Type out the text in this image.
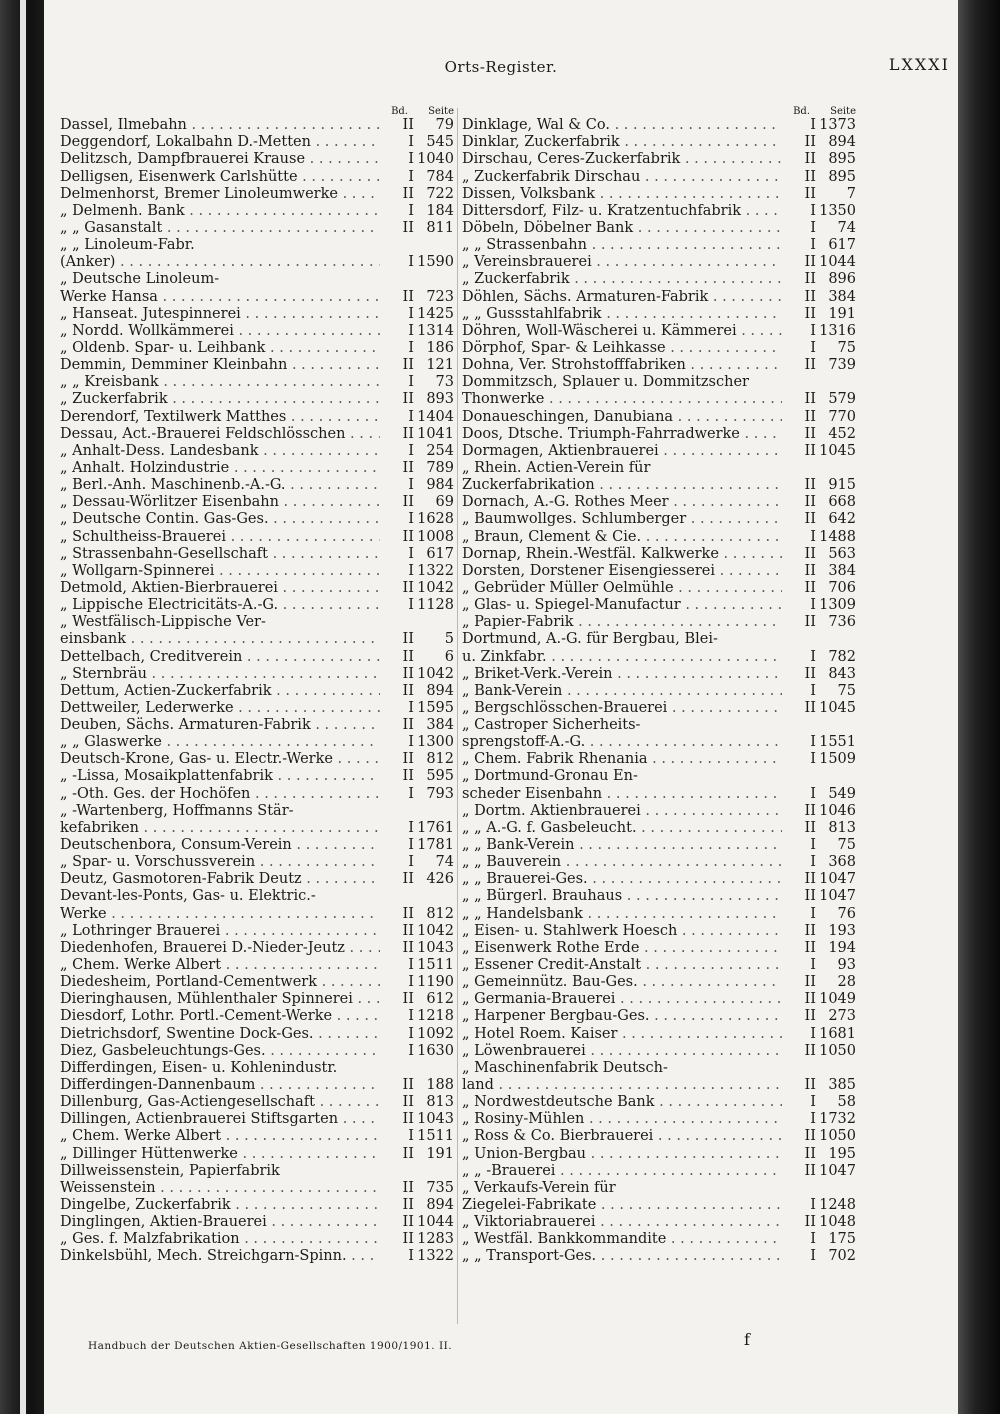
Orts-Register.	LXXXI
Bd. Seite
Dassel, Ilmebahn . . .	II	79
Deggendorf, Lokalbahn D.-Metten . . .	I 545
Delitzsch, Dampfbrauerei Krause . . .	I 1040
Delligsen, Eisenwerk Carlshütte . . .	I 784
Delmenhorst, Bremer Linoleumwerke . . .	II 722
„ Delmenh. Bank . . .	I 184
„ „ Gasanstalt . . .	II 811
„ „ Linoleum-Fabr.
(Anker) . . .	I 1590
„ Deutsche Linoleum-
Werke Hansa . . .	II 723
„ Hanseat. Jutespinnerei . . .	I 1425
„ Nordd. Wollkämmerei . . .	I 1314
„ Oldenb. Spar- u. Leihbank . . .	I 186
Demmin, Demminer Kleinbahn . . .	II 121
„ „ Kreisbank . . .	I	73
„ Zuckerfabrik . . .	II 893
Derendorf, Textilwerk Matthes . . .	I 1404
Dessau, Act.-Brauerei Feldschlösschen . . .	II 1041
„ Anhalt-Dess. Landesbank . . .	I 254
„ Anhalt. Holzindustrie . . .	II 789
„ Berl.-Anh. Maschinenb.-A.-G. . . .	I 984
„ Dessau-Wörlitzer Eisenbahn . . .	II	69
„ Deutsche Contin. Gas-Ges. . . .	I 1628
„ Schultheiss-Brauerei . . .	II 1008
„ Strassenbahn-Gesellschaft . . .	I 617
„ Wollgarn-Spinnerei . . .	I 1322
Detmold, Aktien-Bierbrauerei . . .	II 1042
„ Lippische Electricitäts-A.-G. . . .	I 1128
„ Westfälisch-Lippische Ver-
einsbank . . .	II	5
Dettelbach, Creditverein . . .	II	6
„ Sternbräu . . .	II 1042
Dettum, Actien-Zuckerfabrik . . .	II 894
Dettweiler, Lederwerke . . .	I 1595
Deuben, Sächs. Armaturen-Fabrik . . .	II 384
„ „ Glaswerke . . .	I 1300
Deutsch-Krone, Gas- u. Electr.-Werke . . .	II 812
„ -Lissa, Mosaikplattenfabrik . . .	II 595
„ -Oth. Ges. der Hochöfen . . .	I 793
„ -Wartenberg, Hoffmanns Stär-
kefabriken . . .	I 1761
Deutschenbora, Consum-Verein . . .	I 1781
„ Spar- u. Vorschussverein . . .	I	74
Deutz, Gasmotoren-Fabrik Deutz . . .	II 426
Devant-les-Ponts, Gas- u. Elektric.-
Werke . . .	II 812
„ Lothringer Brauerei . . .	II 1042
Diedenhofen, Brauerei D.-Nieder-Jeutz . . .	II 1043
„ Chem. Werke Albert . . .	I 1511
Diedesheim, Portland-Cementwerk . . .	I 1190
Dieringhausen, Mühlenthaler Spinnerei . . .	II 612
Diesdorf, Lothr. Portl.-Cement-Werke . . .	I 1218
Dietrichsdorf, Swentine Dock-Ges. . . .	I 1092
Diez, Gasbeleuchtungs-Ges. . . .	I 1630
Differdingen, Eisen- u. Kohlenindustr.
Differdingen-Dannenbaum . . .	II 188
Dillenburg, Gas-Actiengesellschaft . . .	II 813
Dillingen, Actienbrauerei Stiftsgarten . . .	II 1043
„ Chem. Werke Albert . . .	I 1511
„ Dillinger Hüttenwerke . . .	II 191
Dillweissenstein, Papierfabrik
Weissenstein . . .	II 735
Dingelbe, Zuckerfabrik . . .	II 894
Dinglingen, Aktien-Brauerei . . .	II 1044
„ Ges. f. Malzfabrikation . . .	II 1283
Dinkelsbühl, Mech. Streichgarn-Spinn. . . .	I 1322
Bd. Seite
Dinklage, Wal & Co. . . .	I 1373
Dinklar, Zuckerfabrik . . .	II 894
Dirschau, Ceres-Zuckerfabrik . . .	II 895
„ Zuckerfabrik Dirschau . . .	II 895
Dissen, Volksbank . . .	II	7
Dittersdorf, Filz- u. Kratzentuchfabrik . . .	I 1350
Döbeln, Döbelner Bank . . .	I	74
„ „ Strassenbahn . . .	I 617
„ Vereinsbrauerei . . .	II 1044
„ Zuckerfabrik . . .	II 896
Döhlen, Sächs. Armaturen-Fabrik . . .	II 384
„ „ Gussstahlfabrik . . .	II 191
Döhren, Woll-Wäscherei u. Kämmerei . . .	I 1316
Dörphof, Spar- & Leihkasse . . .	I	75
Dohna, Ver. Strohstofffabriken . . .	II 739
Dommitzsch, Splauer u. Dommitzscher
Thonwerke . . .	II 579
Donaueschingen, Danubiana . . .	II 770
Doos, Dtsche. Triumph-Fahrradwerke . . .	II 452
Dormagen, Aktienbrauerei . . .	II 1045
„ Rhein. Actien-Verein für
Zuckerfabrikation . . .	II 915
Dornach, A.-G. Rothes Meer . . .	II 668
„ Baumwollges. Schlumberger . . .	II 642
„ Braun, Clement & Cie. . . .	I 1488
Dornap, Rhein.-Westfäl. Kalkwerke . . .	II 563
Dorsten, Dorstener Eisengiesserei . . .	II 384
„ Gebrüder Müller Oelmühle . . .	II 706
„ Glas- u. Spiegel-Manufactur . . .	I 1309
„ Papier-Fabrik . . .	II 736
Dortmund, A.-G. für Bergbau, Blei-
u. Zinkfabr. . . .	I 782
„ Briket-Verk.-Verein . . .	II 843
„ Bank-Verein . . .	I	75
„ Bergschlösschen-Brauerei . . .	II 1045
„ Castroper Sicherheits-
sprengstoff-A.-G. . . .	I 1551
„ Chem. Fabrik Rhenania . . .	I 1509
„ Dortmund-Gronau En-
scheder Eisenbahn . . .	I 549
„ Dortm. Aktienbrauerei . . .	II 1046
„ „ A.-G. f. Gasbeleucht. . . .	II 813
„ „ Bank-Verein . . .	I	75
„ „ Bauverein . . .	I 368
„ „ Brauerei-Ges. . . .	II 1047
„ „ Bürgerl. Brauhaus . . .	II 1047
„ „ Handelsbank . . .	I	76
„ Eisen- u. Stahlwerk Hoesch . . .	II 193
„ Eisenwerk Rothe Erde . . .	II 194
„ Essener Credit-Anstalt . . .	I	93
„ Gemeinnütz. Bau-Ges. . . .	II	28
„ Germania-Brauerei . . .	II 1049
„ Harpener Bergbau-Ges. . . .	II 273
„ Hotel Roem. Kaiser . . .	I 1681
„ Löwenbrauerei . . .	II 1050
„ Maschinenfabrik Deutsch-
land . . .	II 385
„ Nordwestdeutsche Bank . . .	I	58
„ Rosiny-Mühlen . . .	I 1732
„ Ross & Co. Bierbrauerei . . .	II 1050
„ Union-Bergbau . . .	II 195
„ „ -Brauerei . . .	II 1047
„ Verkaufs-Verein für
Ziegelei-Fabrikate . . .	I 1248
„ Viktoriabrauerei . . .	II 1048
„ Westfäl. Bankkommandite . . .	I 175
„ „ Transport-Ges. . . .	I 702
Handbuch der Deutschen Aktien-Gesellschaften 1900/1901. II.	f
